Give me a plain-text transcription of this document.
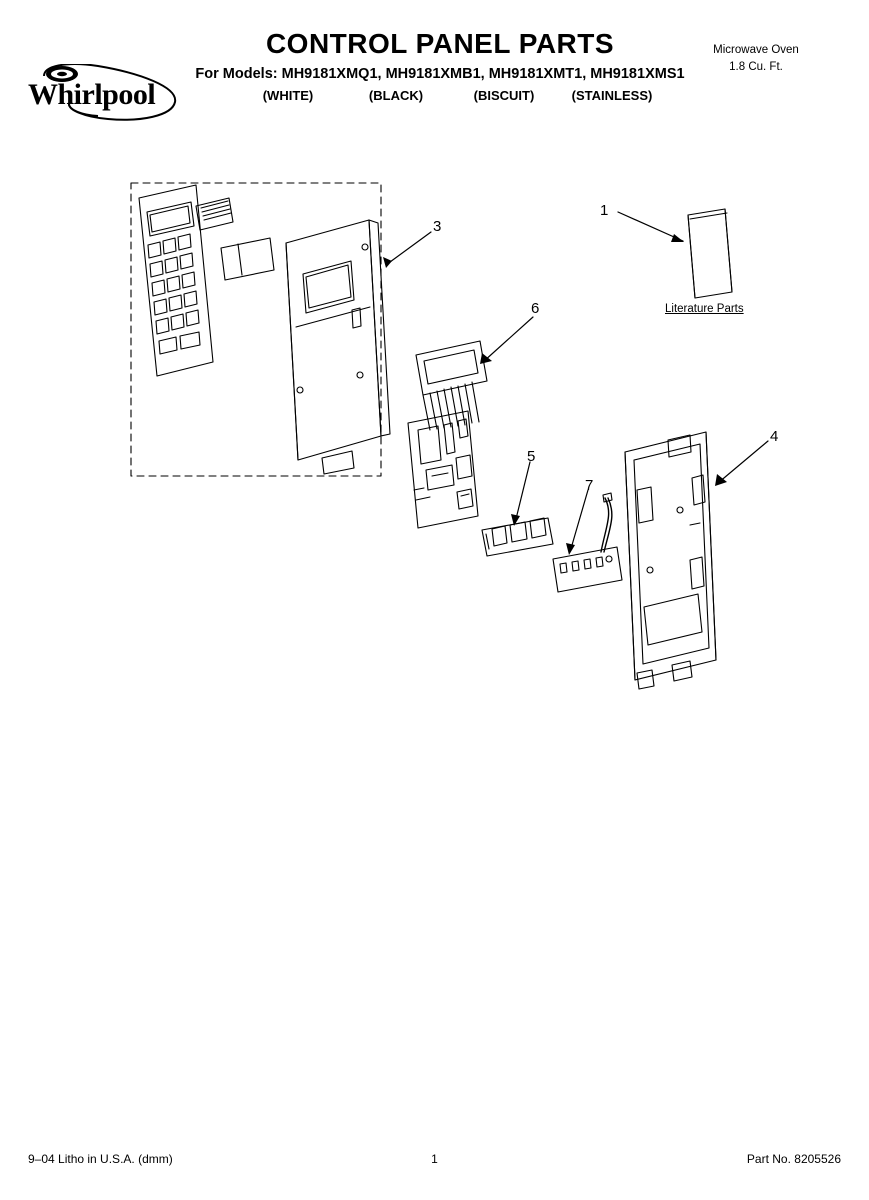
Whirlpool
CONTROL PANEL PARTS
For Models: MH9181XMQ1, MH9181XMB1, MH9181XMT1, MH9181XMS1
(WHITE)	(BLACK)	(BISCUIT)	(STAINLESS)
Microwave Oven
1.8 Cu. Ft.
1
3
6
4
5
7
Literature Parts
9–04 Litho in U.S.A. (dmm)	1	Part No. 8205526
